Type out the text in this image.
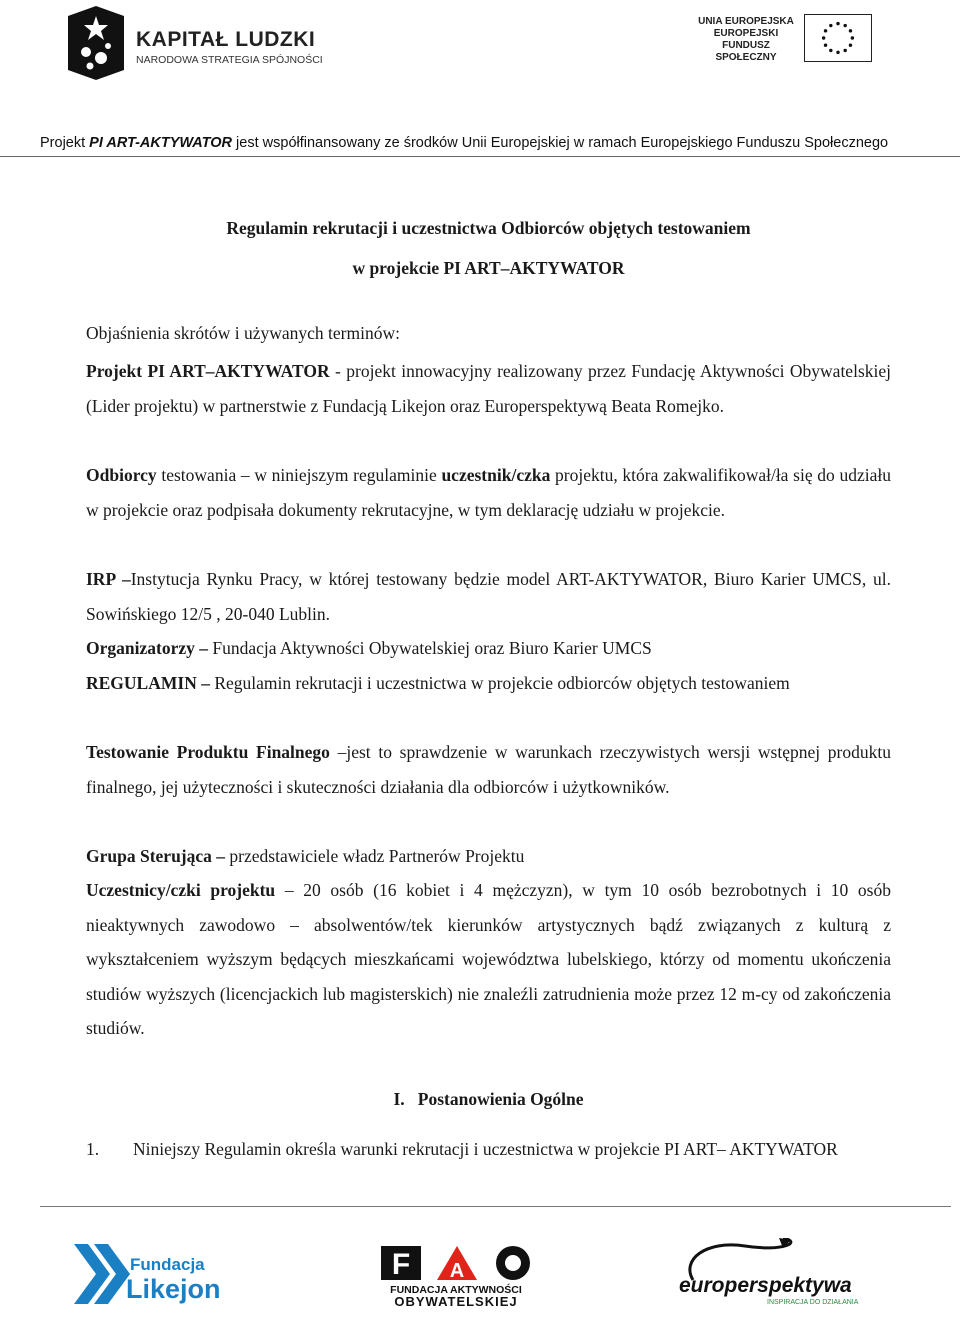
KAPITAŁ LUDZKI
NARODOWA STRATEGIA SPÓJNOŚCI
UNIA EUROPEJSKA
EUROPEJSKI
FUNDUSZ SPOŁECZNY
Projekt PI ART-AKTYWATOR jest współfinansowany ze środków Unii Europejskiej w ramach Europejskiego Funduszu Społecznego
Regulamin rekrutacji i uczestnictwa Odbiorców objętych testowaniem
w projekcie PI ART–AKTYWATOR

Objaśnienia skrótów i używanych terminów:

Projekt PI ART–AKTYWATOR - projekt innowacyjny realizowany przez Fundację Aktywności Obywatelskiej (Lider projektu) w partnerstwie z Fundacją Likejon oraz Europerspektywą Beata Romejko.

Odbiorcy testowania – w niniejszym regulaminie uczestnik/czka projektu, która zakwalifikował/ła się do udziału w projekcie oraz podpisała dokumenty rekrutacyjne, w tym deklarację udziału w projekcie.

IRP –Instytucja Rynku Pracy, w której testowany będzie model ART-AKTYWATOR, Biuro Karier UMCS, ul. Sowińskiego 12/5 , 20-040 Lublin.

Organizatorzy – Fundacja Aktywności Obywatelskiej oraz Biuro Karier UMCS

REGULAMIN – Regulamin rekrutacji i uczestnictwa w projekcie odbiorców objętych testowaniem

Testowanie Produktu Finalnego –jest to sprawdzenie w warunkach rzeczywistych wersji wstępnej produktu finalnego, jej użyteczności i skuteczności działania dla odbiorców i użytkowników.

Grupa Sterująca – przedstawiciele władz Partnerów Projektu

Uczestnicy/czki projektu – 20 osób (16 kobiet i 4 mężczyzn), w tym 10 osób bezrobotnych i 10 osób nieaktywnych zawodowo – absolwentów/tek kierunków artystycznych bądź związanych z kulturą z wykształceniem wyższym będących mieszkańcami województwa lubelskiego, którzy od momentu ukończenia studiów wyższych (licencjackich lub magisterskich) nie znaleźli zatrudnienia może przez 12 m-cy od zakończenia studiów.

I. Postanowienia Ogólne
1. Niniejszy Regulamin określa warunki rekrutacji i uczestnictwa w projekcie PI ART– AKTYWATOR

Fundacja
Likejon
F A
FUNDACJA AKTYWNOŚCI
OBYWATELSKIEJ
europerspektywa
INSPIRACJA DO DZIAŁANIA
